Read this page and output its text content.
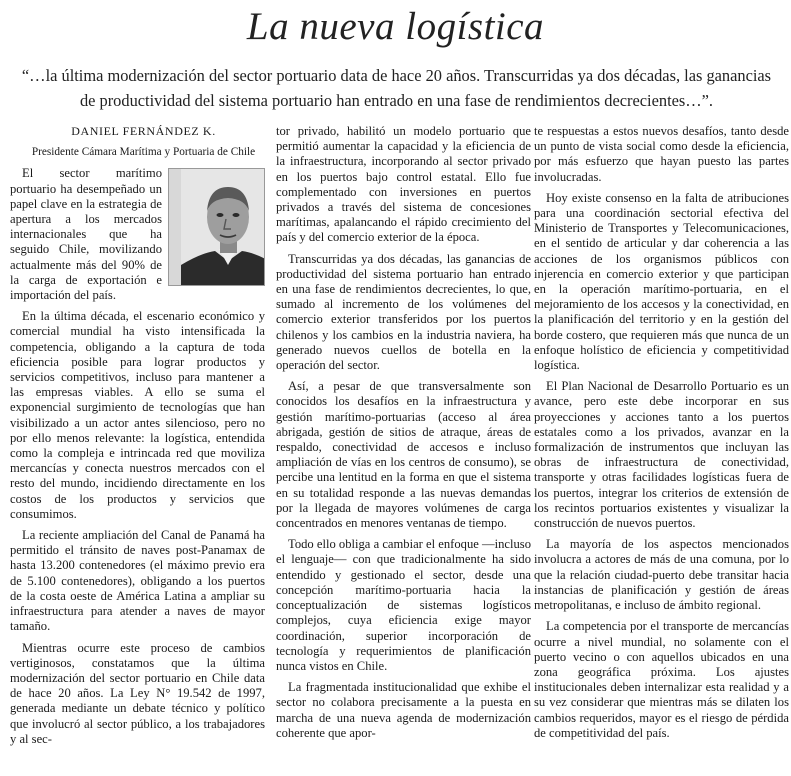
La nueva logística
“…la última modernización del sector portuario data de hace 20 años. Transcurridas ya dos décadas, las ganancias de productividad del sistema portuario han entrado en una fase de rendimientos decrecientes…”.

DANIEL FERNÁNDEZ K.

Presidente Cámara Marítima y Portuaria de Chile

El sector marítimo portuario ha desempeñado un papel clave en la estrategia de apertura a los mercados internacionales que ha seguido Chile, movilizando actualmente más del 90% de la carga de exportación e importación del país.

En la última década, el escenario económico y comercial mundial ha visto intensificada la competencia, obligando a la captura de toda eficiencia posible para lograr productos y servicios competitivos, incluso para mantener a las empresas viables. A ello se suma el exponencial surgimiento de tecnologías que han visibilizado a un actor antes silencioso, pero no por ello menos relevante: la logística, entendida como la compleja e intrincada red que moviliza mercancías y conecta nuestros mercados con el resto del mundo, incidiendo directamente en los costos de los productos y servicios que consumimos.

La reciente ampliación del Canal de Panamá ha permitido el tránsito de naves post-Panamax de hasta 13.200 contenedores (el máximo previo era de 5.100 contenedores), obligando a los puertos de la costa oeste de América Latina a ampliar su infraestructura para atender a naves de mayor tamaño.

Mientras ocurre este proceso de cambios vertiginosos, constatamos que la última modernización del sector portuario en Chile data de hace 20 años. La Ley N° 19.542 de 1997, generada mediante un debate técnico y político que involucró al sector público, a los trabajadores y al sec-

tor privado, habilitó un modelo portuario que permitió aumentar la capacidad y la eficiencia de la infraestructura, incorporando al sector privado en los puertos bajo control estatal. Ello fue complementado con inversiones en puertos privados a través del sistema de concesiones marítimas, apalancando el rápido crecimiento del país y del comercio exterior de la época.

Transcurridas ya dos décadas, las ganancias de productividad del sistema portuario han entrado en una fase de rendimientos decrecientes, lo que, sumado al incremento de los volúmenes del comercio exterior transferidos por los puertos chilenos y los cambios en la industria naviera, ha generado nuevos cuellos de botella en la operación del sector.

Así, a pesar de que transversalmente son conocidos los desafíos en la infraestructura y gestión marítimo-portuarias (acceso al área abrigada, gestión de sitios de atraque, áreas de respaldo, conectividad de accesos e incluso ampliación de vías en los centros de consumo), se percibe una lentitud en la forma en que el sistema en su totalidad responde a las nuevas demandas por la llegada de mayores volúmenes de carga concentrados en menores ventanas de tiempo.

Todo ello obliga a cambiar el enfoque —incluso el lenguaje— con que tradicionalmente ha sido entendido y gestionado el sector, desde una concepción marítimo-portuaria hacia la conceptualización de sistemas logísticos complejos, cuya eficiencia exige mayor coordinación, superior incorporación de tecnología y requerimientos de planificación nunca vistos en Chile.

La fragmentada institucionalidad que exhibe el sector no colabora precisamente a la puesta en marcha de una nueva agenda de modernización coherente que apor-

te respuestas a estos nuevos desafíos, tanto desde un punto de vista social como desde la eficiencia, por más esfuerzo que hayan puesto las partes involucradas.

Hoy existe consenso en la falta de atribuciones para una coordinación sectorial efectiva del Ministerio de Transportes y Telecomunicaciones, en el sentido de articular y dar coherencia a las acciones de los organismos públicos con injerencia en comercio exterior y que participan en la operación marítimo-portuaria, en el mejoramiento de los accesos y la conectividad, en la planificación del territorio y en la gestión del borde costero, que requieren más que nunca de un enfoque holístico de eficiencia y competitividad logística.

El Plan Nacional de Desarrollo Portuario es un avance, pero este debe incorporar en sus proyecciones y acciones tanto a los puertos estatales como a los privados, avanzar en la formalización de instrumentos que incluyan las obras de infraestructura de conectividad, transporte y otras facilidades logísticas fuera de los puertos, integrar los criterios de extensión de los recintos portuarios existentes y visualizar la construcción de nuevos puertos.

La mayoría de los aspectos mencionados involucra a actores de más de una comuna, por lo que la relación ciudad-puerto debe transitar hacia instancias de planificación y gestión de áreas metropolitanas, e incluso de ámbito regional.

La competencia por el transporte de mercancías ocurre a nivel mundial, no solamente con el puerto vecino o con aquellos ubicados en una zona geográfica próxima. Los ajustes institucionales deben internalizar esta realidad y a su vez considerar que mientras más se dilaten los cambios requeridos, mayor es el riesgo de pérdida de competitividad del país.
